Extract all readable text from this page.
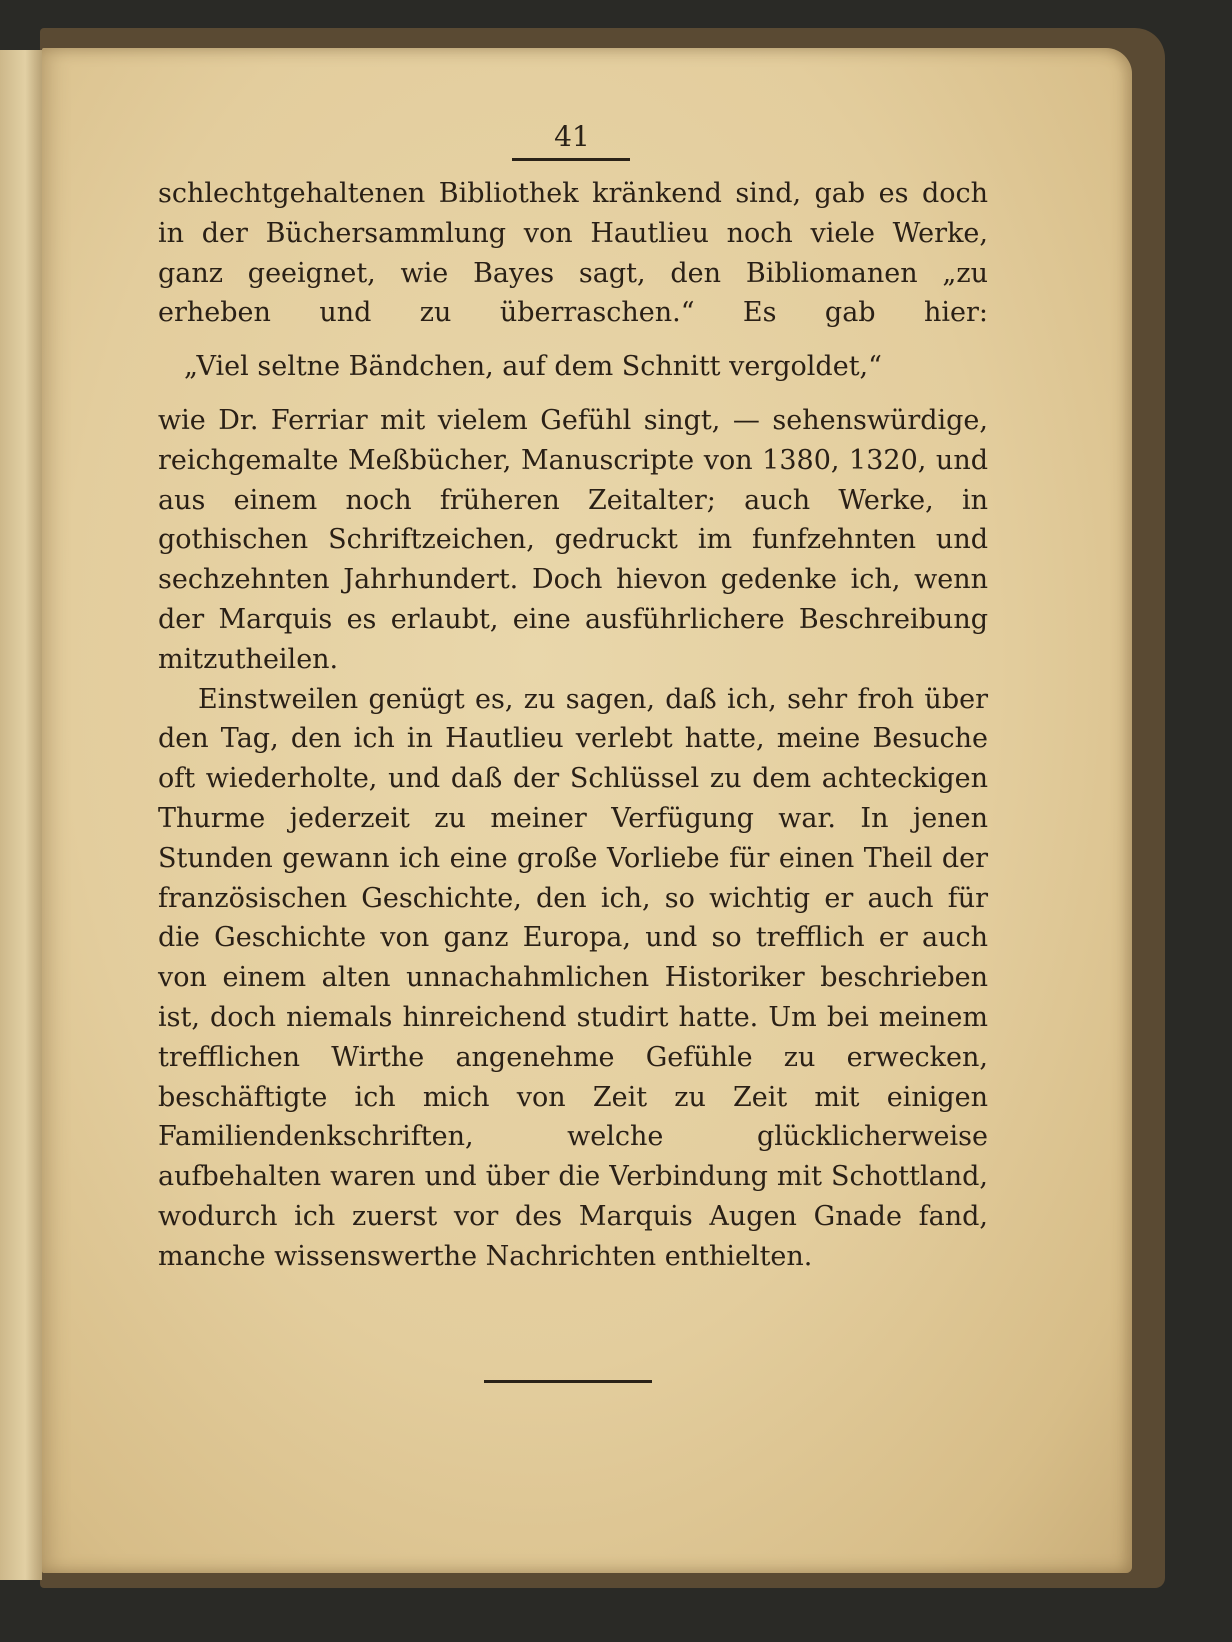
41

schlechtgehaltenen Bibliothek kränkend sind, gab es doch in der Büchersammlung von Hautlieu noch viele Werke, ganz geeignet, wie Bayes sagt, den Bibliomanen „zu erheben und zu überraschen.“ Es gab hier:

„Viel seltne Bändchen, auf dem Schnitt vergoldet,“

wie Dr. Ferriar mit vielem Gefühl singt, — sehenswürdige, reichgemalte Meßbücher, Manuscripte von 1380, 1320, und aus einem noch früheren Zeitalter; auch Werke, in gothischen Schriftzeichen, gedruckt im funfzehnten und sechzehnten Jahrhundert. Doch hievon gedenke ich, wenn der Marquis es erlaubt, eine ausführlichere Beschreibung mitzutheilen.

Einstweilen genügt es, zu sagen, daß ich, sehr froh über den Tag, den ich in Hautlieu verlebt hatte, meine Besuche oft wiederholte, und daß der Schlüssel zu dem achteckigen Thurme jederzeit zu meiner Verfügung war. In jenen Stunden gewann ich eine große Vorliebe für einen Theil der französischen Geschichte, den ich, so wichtig er auch für die Geschichte von ganz Europa, und so trefflich er auch von einem alten unnachahmlichen Historiker beschrieben ist, doch niemals hinreichend studirt hatte. Um bei meinem trefflichen Wirthe angenehme Gefühle zu erwecken, beschäftigte ich mich von Zeit zu Zeit mit einigen Familiendenkschriften, welche glücklicherweise aufbehalten waren und über die Verbindung mit Schottland, wodurch ich zuerst vor des Marquis Augen Gnade fand, manche wissenswerthe Nachrichten enthielten.
